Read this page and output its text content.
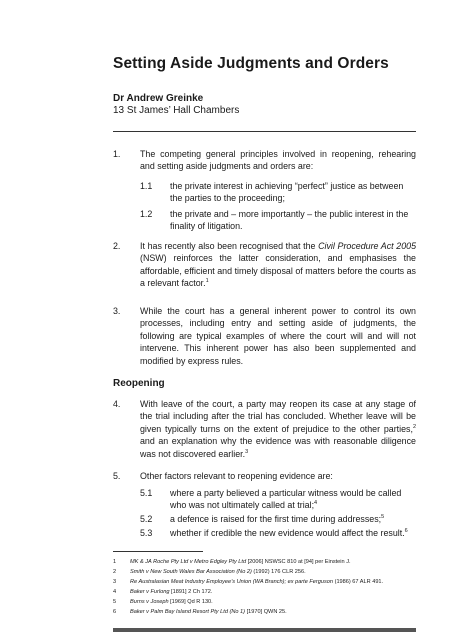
Setting Aside Judgments and Orders
Dr Andrew Greinke
13 St James’ Hall Chambers
1. The competing general principles involved in reopening, rehearing and setting aside judgments and orders are:
1.1 the private interest in achieving “perfect” justice as between the parties to the proceeding;
1.2 the private and – more importantly – the public interest in the finality of litigation.
2. It has recently also been recognised that the Civil Procedure Act 2005 (NSW) reinforces the latter consideration, and emphasises the affordable, efficient and timely disposal of matters before the courts as a relevant factor.$^1$
3. While the court has a general inherent power to control its own processes, including entry and setting aside of judgments, the following are typical examples of where the court will and will not intervene. This inherent power has also been supplemented and modified by express rules.
Reopening
4. With leave of the court, a party may reopen its case at any stage of the trial including after the trial has concluded. Whether leave will be given typically turns on the extent of prejudice to the other parties,$^2$ and an explanation why the evidence was with reasonable diligence was not discovered earlier.$^3$
5. Other factors relevant to reopening evidence are:
5.1 where a party believed a particular witness would be called who was not ultimately called at trial;$^4$
5.2 a defence is raised for the first time during addresses;$^5$
5.3 whether if credible the new evidence would affect the result.$^6$
1 MK & JA Roche Pty Ltd v Metro Edgley Pty Ltd [2006] NSWSC 810 at [94] per Einstein J.
2 Smith v New South Wales Bar Association (No 2) (1992) 176 CLR 256.
3 Re Australasian Meat Industry Employee’s Union (WA Branch); ex parte Ferguson (1986) 67 ALR 491.
4 Baker v Furlong [1891] 2 Ch 172.
5 Burns v Joseph [1969] Qd R 130.
6 Baker v Palm Bay Island Resort Pty Ltd (No 1) [1970] QWN 25.
